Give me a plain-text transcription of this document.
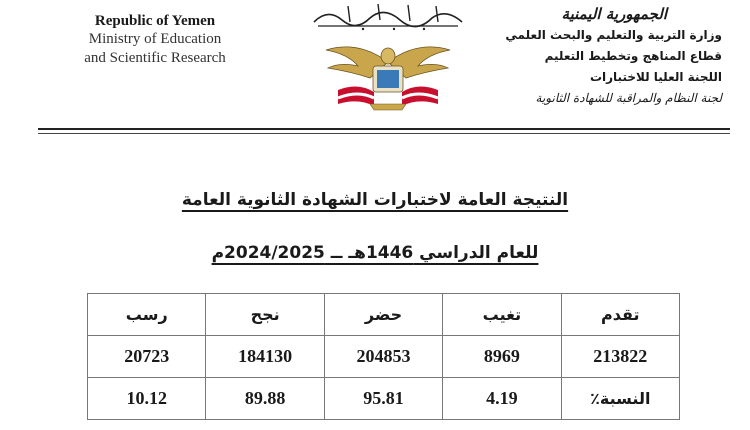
Republic of Yemen
Ministry of Education
and Scientific Research
الجمهورية اليمنية
وزارة التربية والتعليم والبحث العلمي
قطاع المناهج وتخطيط التعليم
اللجنة العليا للاختبارات
لجنة النظام والمراقبة للشهادة الثانوية
النتيجة العامة لاختبارات الشهادة الثانوية العامة
للعام الدراسي 1446هـ ــ 2024/2025م
تقدم	تغيب	حضر	نجح	رسب
213822	8969	204853	184130	20723
النسبة٪	4.19	95.81	89.88	10.12
